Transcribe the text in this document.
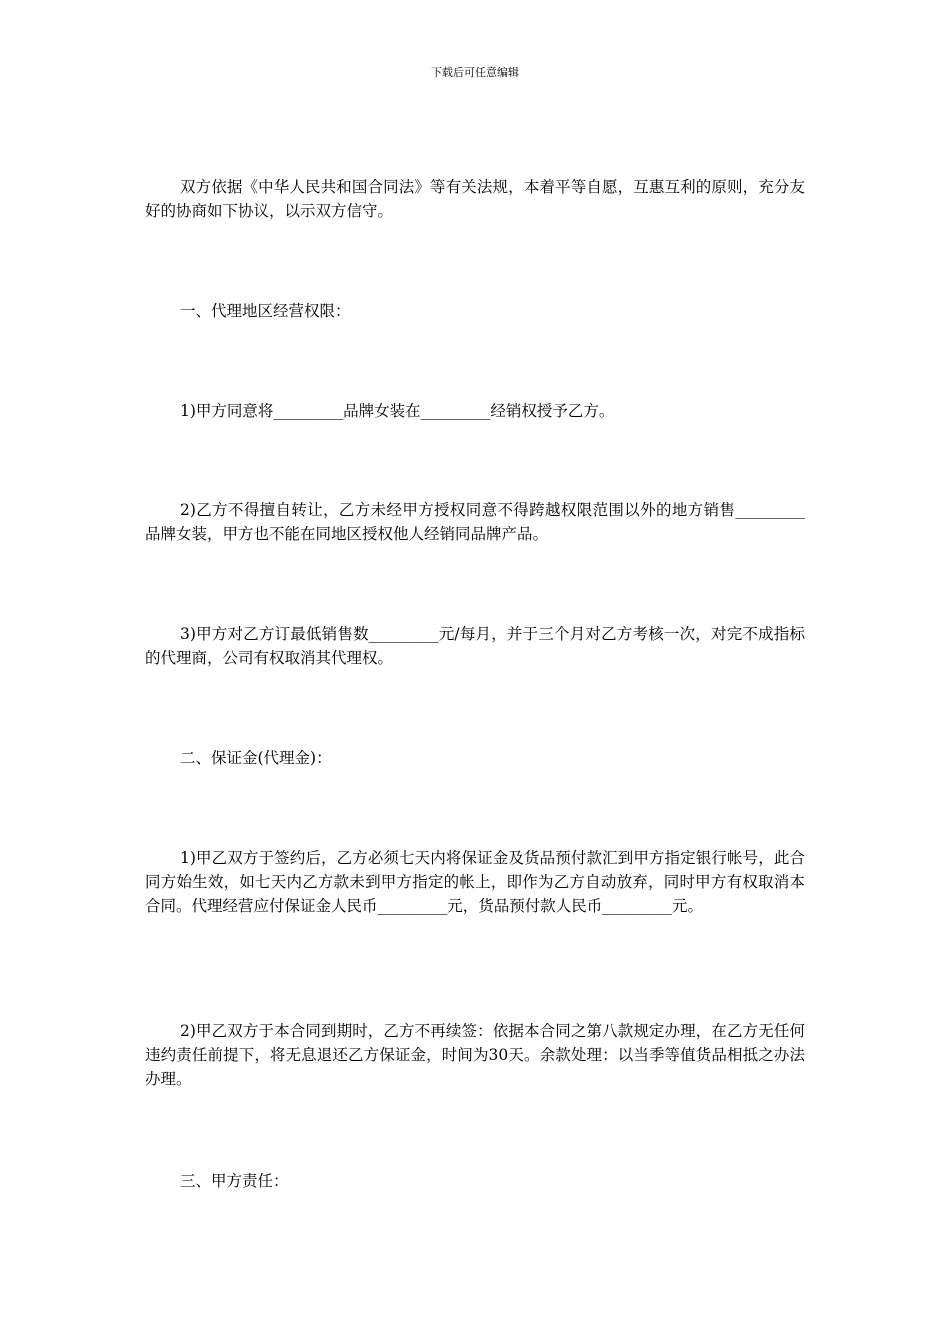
下载后可任意编辑

双方依据《中华人民共和国合同法》等有关法规，本着平等自愿，互惠互利的原则，充分友好的协商如下协议，以示双方信守。

一、代理地区经营权限：

1)甲方同意将_________品牌女装在_________经销权授予乙方。

2)乙方不得擅自转让，乙方未经甲方授权同意不得跨越权限范围以外的地方销售_________品牌女装，甲方也不能在同地区授权他人经销同品牌产品。

3)甲方对乙方订最低销售数_________元/每月，并于三个月对乙方考核一次，对完不成指标的代理商，公司有权取消其代理权。

二、保证金(代理金)：

1)甲乙双方于签约后，乙方必须七天内将保证金及货品预付款汇到甲方指定银行帐号，此合同方始生效，如七天内乙方款未到甲方指定的帐上，即作为乙方自动放弃，同时甲方有权取消本合同。代理经营应付保证金人民币_________元，货品预付款人民币_________元。

2)甲乙双方于本合同到期时，乙方不再续签：依据本合同之第八款规定办理，在乙方无任何违约责任前提下，将无息退还乙方保证金，时间为30天。余款处理：以当季等值货品相抵之办法办理。

三、甲方责任：
